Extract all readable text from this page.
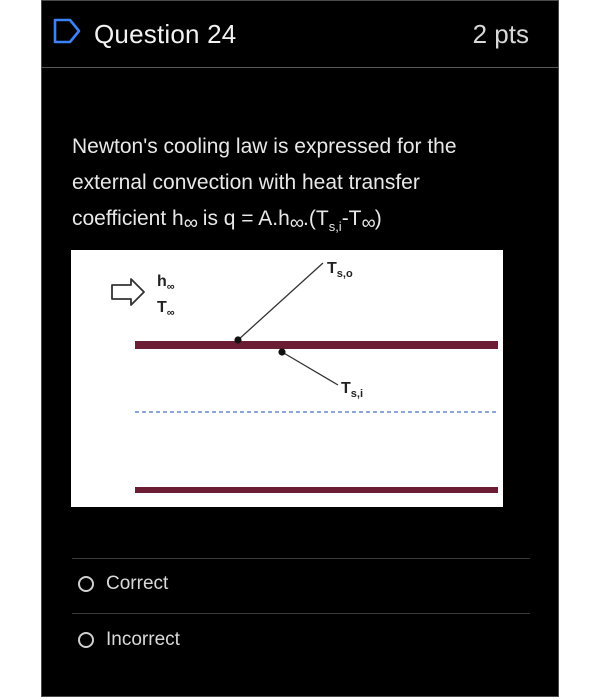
Question 24	2 pts
Newton's cooling law is expressed for the
external convection with heat transfer
coefficient h∞ is $q = A.h\infty.(T_{s,i}-T\infty)$
$h_\infty$
$T_\infty$
$T_{s,o}$
$T_{s,i}$
Correct
Incorrect
